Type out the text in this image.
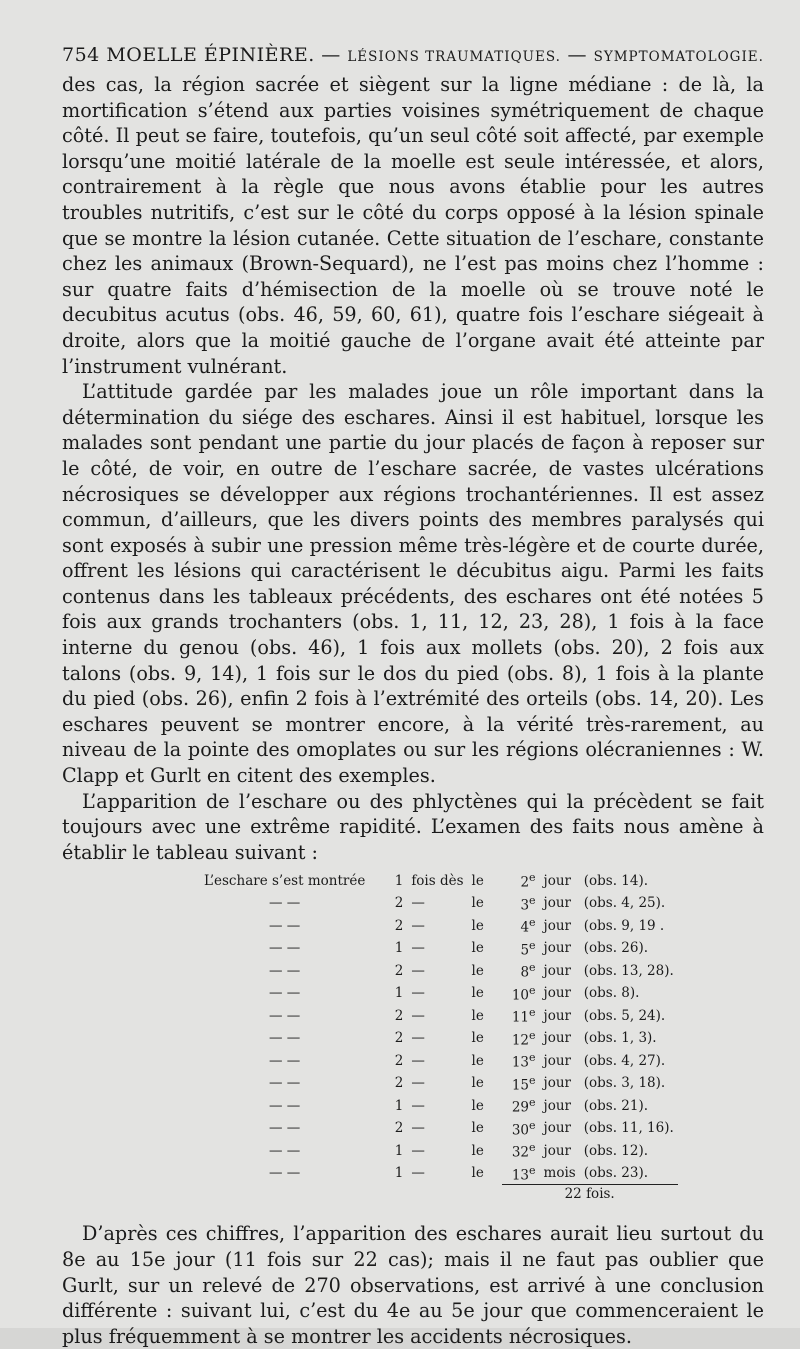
754 MOELLE ÉPINIÈRE. — LÉSIONS TRAUMATIQUES. — SYMPTOMATOLOGIE.

des cas, la région sacrée et siègent sur la ligne médiane : de là, la mortification s’étend aux parties voisines symétriquement de chaque côté. Il peut se faire, toutefois, qu’un seul côté soit affecté, par exemple lorsqu’une moitié latérale de la moelle est seule intéressée, et alors, contrairement à la règle que nous avons établie pour les autres troubles nutritifs, c’est sur le côté du corps opposé à la lésion spinale que se montre la lésion cutanée. Cette situation de l’eschare, constante chez les animaux (Brown-Sequard), ne l’est pas moins chez l’homme : sur quatre faits d’hémisection de la moelle où se trouve noté le decubitus acutus (obs. 46, 59, 60, 61), quatre fois l’eschare siégeait à droite, alors que la moitié gauche de l’organe avait été atteinte par l’instrument vulnérant.

L’attitude gardée par les malades joue un rôle important dans la détermination du siége des eschares. Ainsi il est habituel, lorsque les malades sont pendant une partie du jour placés de façon à reposer sur le côté, de voir, en outre de l’eschare sacrée, de vastes ulcérations nécrosiques se développer aux régions trochantériennes. Il est assez commun, d’ailleurs, que les divers points des membres paralysés qui sont exposés à subir une pression même très-légère et de courte durée, offrent les lésions qui caractérisent le décubitus aigu. Parmi les faits contenus dans les tableaux précédents, des eschares ont été notées 5 fois aux grands trochanters (obs. 1, 11, 12, 23, 28), 1 fois à la face interne du genou (obs. 46), 1 fois aux mollets (obs. 20), 2 fois aux talons (obs. 9, 14), 1 fois sur le dos du pied (obs. 8), 1 fois à la plante du pied (obs. 26), enfin 2 fois à l’extrémité des orteils (obs. 14, 20). Les eschares peuvent se montrer encore, à la vérité très-rarement, au niveau de la pointe des omoplates ou sur les régions olécraniennes : W. Clapp et Gurlt en citent des exemples.

L’apparition de l’eschare ou des phlyctènes qui la précèdent se fait toujours avec une extrême rapidité. L’examen des faits nous amène à établir le tableau suivant :

L’eschare s’est montrée	1	fois dès	le	2e	jour	(obs. 14).	
— —	2	—	le	3e	jour	(obs. 4, 25).	
— —	2	—	le	4e	jour	(obs. 9, 19 .	
— —	1	—	le	5e	jour	(obs. 26).	
— —	2	—	le	8e	jour	(obs. 13, 28).	
— —	1	—	le	10e	jour	(obs. 8).	
— —	2	—	le	11e	jour	(obs. 5, 24).	
— —	2	—	le	12e	jour	(obs. 1, 3).	
— —	2	—	le	13e	jour	(obs. 4, 27).	
— —	2	—	le	15e	jour	(obs. 3, 18).	
— —	1	—	le	29e	jour	(obs. 21).	
— —	2	—	le	30e	jour	(obs. 11, 16).	
— —	1	—	le	32e	jour	(obs. 12).	
— —	1	—	le	13e	mois	(obs. 23).	
				22 fois.			

D’après ces chiffres, l’apparition des eschares aurait lieu surtout du 8e au 15e jour (11 fois sur 22 cas); mais il ne faut pas oublier que Gurlt, sur un relevé de 270 observations, est arrivé à une conclusion différente : suivant lui, c’est du 4e au 5e jour que commenceraient le plus fréquemment à se montrer les accidents nécrosiques.
